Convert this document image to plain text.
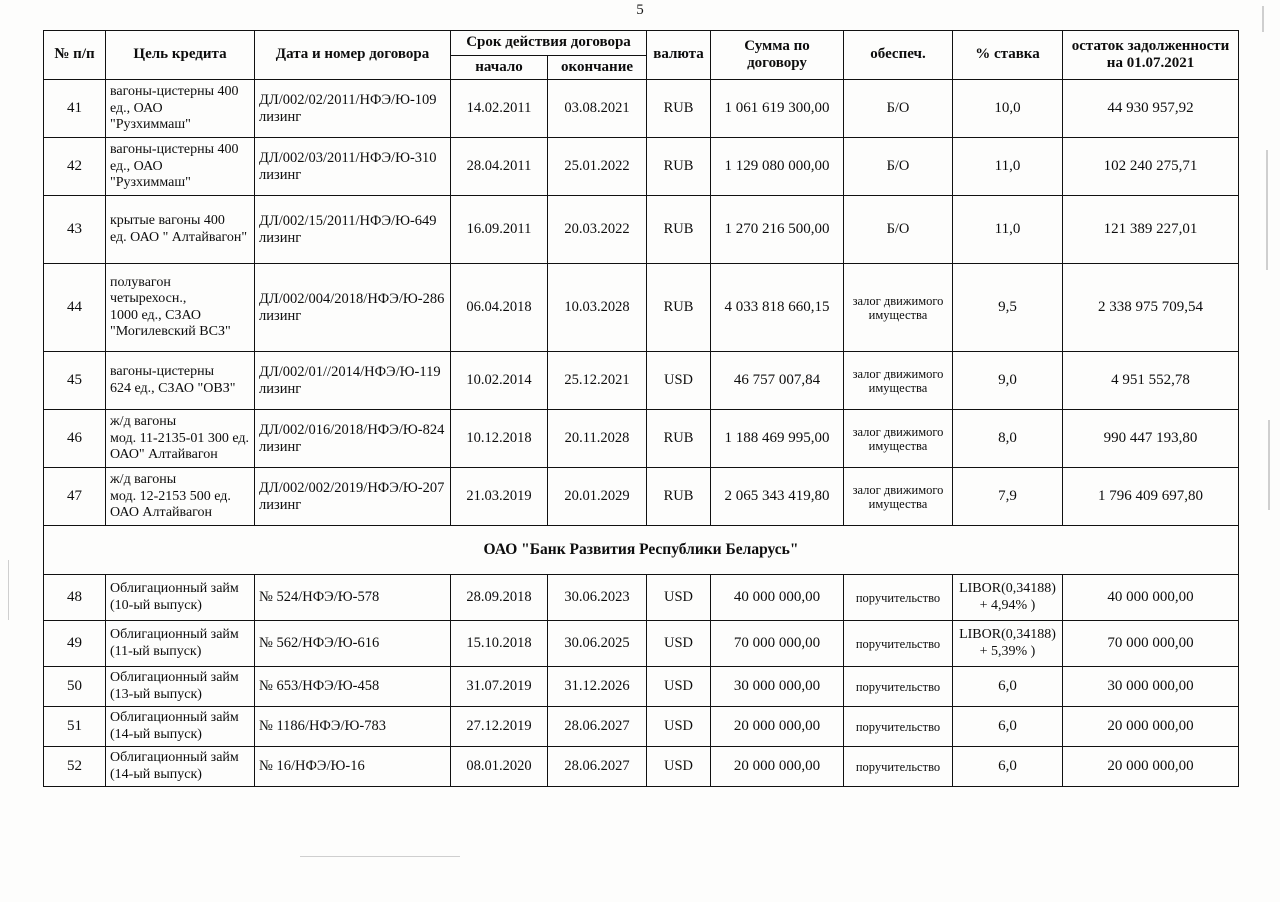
5
№ п/п	Цель кредита	Дата и номер договора	Срок действия договора		валюта	Сумма по договору	обеспеч.	% ставка	остаток задолженности на 01.07.2021
			начало	окончание					
41	вагоны-цистерны 400
ед., ОАО
"Рузхиммаш"	ДЛ/002/02/2011/НФЭ/Ю-109 лизинг	14.02.2011	03.08.2021	RUB	1 061 619 300,00	Б/О	10,0	44 930 957,92
42	вагоны-цистерны 400
ед., ОАО
"Рузхиммаш"	ДЛ/002/03/2011/НФЭ/Ю-310 лизинг	28.04.2011	25.01.2022	RUB	1 129 080 000,00	Б/О	11,0	102 240 275,71
43	крытые вагоны 400
ед. ОАО " Алтайвагон"	ДЛ/002/15/2011/НФЭ/Ю-649 лизинг	16.09.2011	20.03.2022	RUB	1 270 216 500,00	Б/О	11,0	121 389 227,01
44	полувагон четырехосн.,
1000 ед., СЗАО
"Могилевский ВСЗ"	ДЛ/002/004/2018/НФЭ/Ю-286 лизинг	06.04.2018	10.03.2028	RUB	4 033 818 660,15	залог движимого имущества	9,5	2 338 975 709,54
45	вагоны-цистерны
624 ед., СЗАО "ОВЗ"	ДЛ/002/01//2014/НФЭ/Ю-119 лизинг	10.02.2014	25.12.2021	USD	46 757 007,84	залог движимого имущества	9,0	4 951 552,78
46	ж/д вагоны
мод. 11-2135-01 300 ед.
ОАО" Алтайвагон	ДЛ/002/016/2018/НФЭ/Ю-824 лизинг	10.12.2018	20.11.2028	RUB	1 188 469 995,00	залог движимого имущества	8,0	990 447 193,80
47	ж/д вагоны
мод. 12-2153 500 ед.
ОАО Алтайвагон	ДЛ/002/002/2019/НФЭ/Ю-207 лизинг	21.03.2019	20.01.2029	RUB	2 065 343 419,80	залог движимого имущества	7,9	1 796 409 697,80
ОАО "Банк Развития Республики Беларусь"									
48	Облигационный займ
(10-ый выпуск)	№ 524/НФЭ/Ю-578	28.09.2018	30.06.2023	USD	40 000 000,00	поручительство	LIBOR(0,34188) + 4,94% )	40 000 000,00
49	Облигационный займ
(11-ый выпуск)	№ 562/НФЭ/Ю-616	15.10.2018	30.06.2025	USD	70 000 000,00	поручительство	LIBOR(0,34188) + 5,39% )	70 000 000,00
50	Облигационный займ
(13-ый выпуск)	№ 653/НФЭ/Ю-458	31.07.2019	31.12.2026	USD	30 000 000,00	поручительство	6,0	30 000 000,00
51	Облигационный займ
(14-ый выпуск)	№ 1186/НФЭ/Ю-783	27.12.2019	28.06.2027	USD	20 000 000,00	поручительство	6,0	20 000 000,00
52	Облигационный займ
(14-ый выпуск)	№ 16/НФЭ/Ю-16	08.01.2020	28.06.2027	USD	20 000 000,00	поручительство	6,0	20 000 000,00
